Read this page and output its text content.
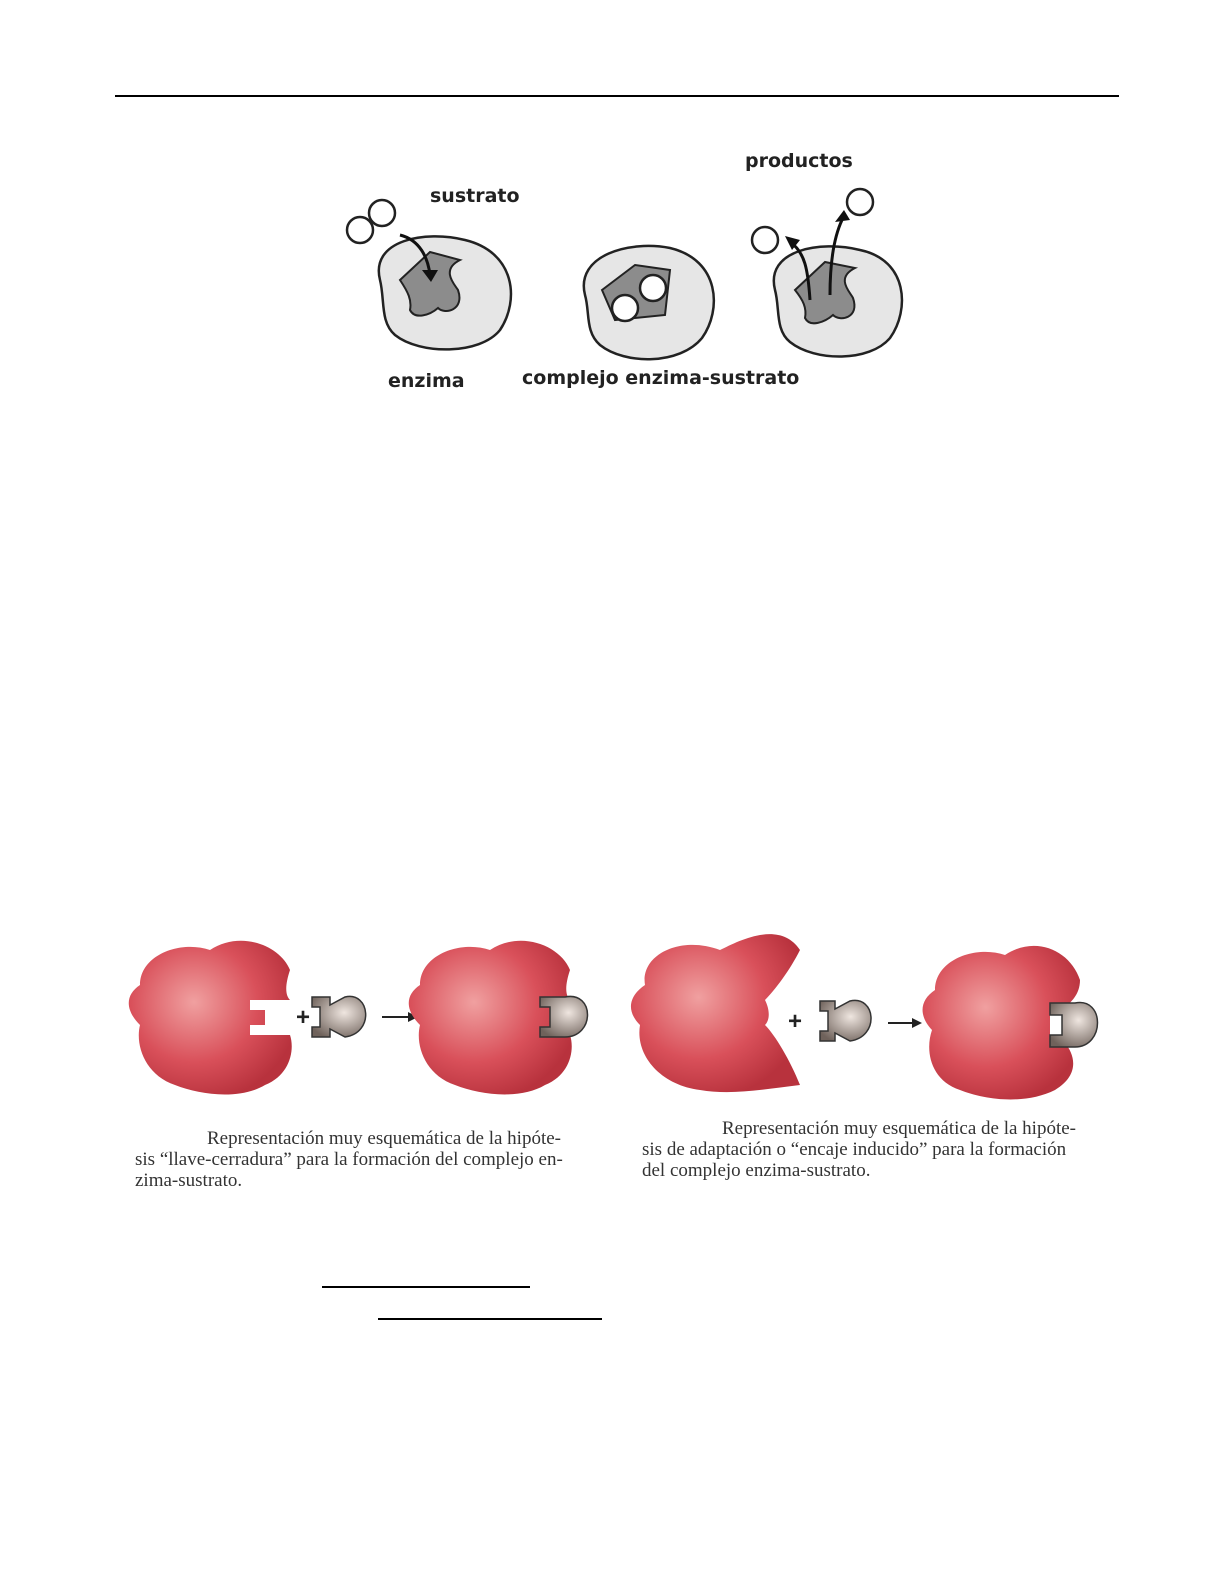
sustrato
productos
enzima	complejo enzima-sustrato
+	+
Representación muy esquemática de la hipóte-
sis “llave-cerradura” para la formación del complejo en-
zima-sustrato.
Representación muy esquemática de la hipóte-
sis de adaptación o “encaje inducido” para la formación
del complejo enzima-sustrato.
